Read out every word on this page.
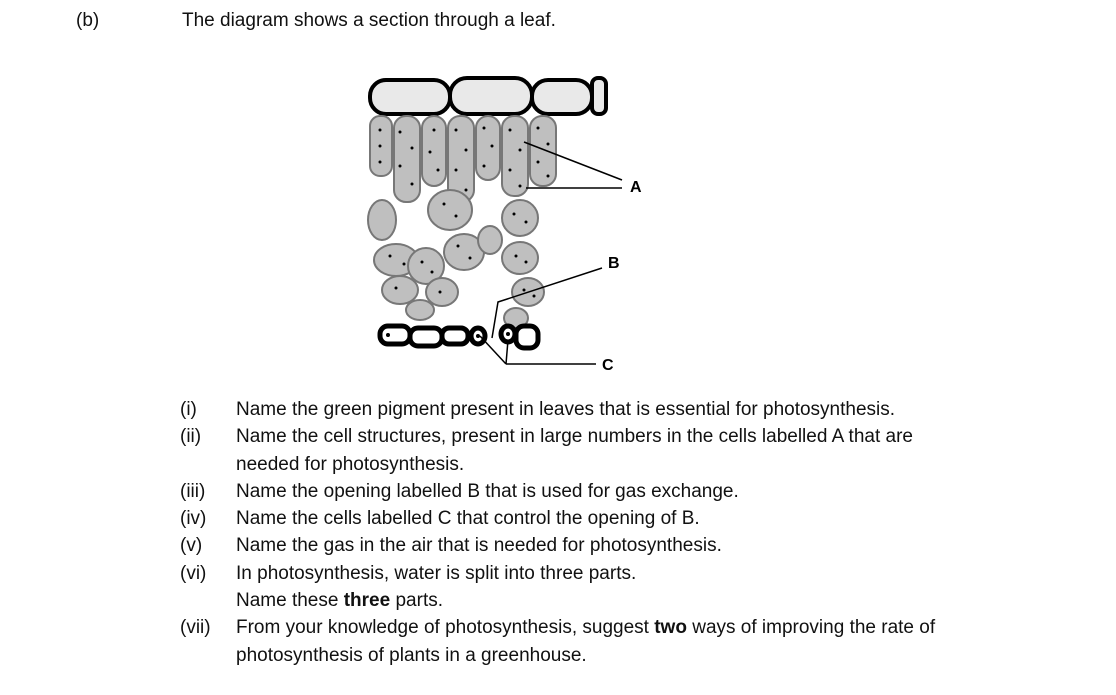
(b)	The diagram shows a section through a leaf.
A
B
C
(i)	Name the green pigment present in leaves that is essential for photosynthesis.
(ii)	Name the cell structures, present in large numbers in the cells labelled A that are
needed for photosynthesis.
(iii)	Name the opening labelled B that is used for gas exchange.
(iv)	Name the cells labelled C that control the opening of B.
(v)	Name the gas in the air that is needed for photosynthesis.
(vi)	In photosynthesis, water is split into three parts.
Name these three parts.
(vii)	From your knowledge of photosynthesis, suggest two ways of improving the rate of
photosynthesis of plants in a greenhouse.
